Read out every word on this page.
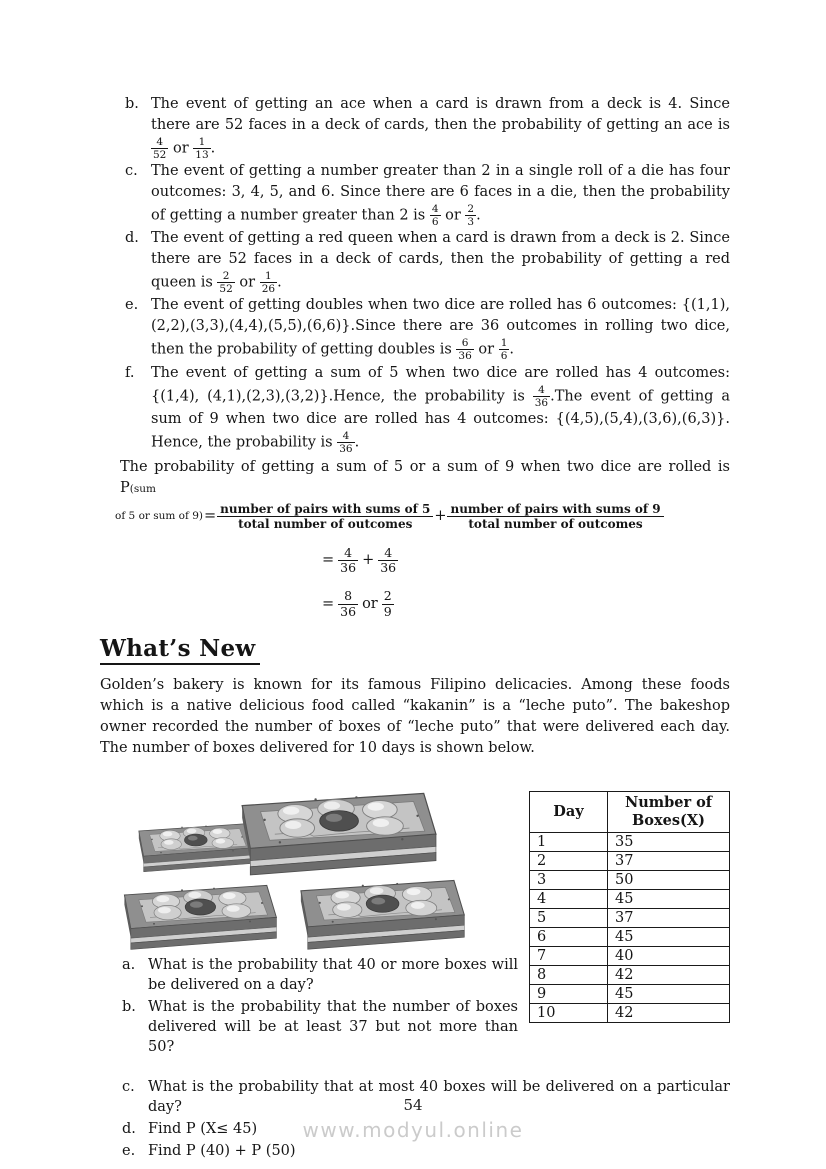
b. The event of getting an ace when a card is drawn from a deck is 4. Since there are 52 faces in a deck of cards, then the probability of getting an ace is
$\frac{4}{52}$ or $\frac{1}{13}$ .
c. The event of getting a number greater than 2 in a single roll of a die has four outcomes: 3, 4, 5, and 6. Since there are 6 faces in a die, then the probability of getting a number greater than 2 is $\frac{4}{6}$ or $\frac{2}{3}$ .
d. The event of getting a red queen when a card is drawn from a deck is 2. Since there are 52 faces in a deck of cards, then the probability of getting a red queen is $\frac{2}{52}$ or $\frac{1}{26}$ .
e. The event of getting doubles when two dice are rolled has 6 outcomes: {(1,1),(2,2),(3,3),(4,4),(5,5),(6,6)}.Since there are 36 outcomes in rolling two dice, then the probability of getting doubles is $\frac{6}{36}$ or $\frac{1}{6}$ .
f.	The event of getting a sum of 5 when two dice are rolled has 4 outcomes: {(1,4), (4,1),(2,3),(3,2)}.Hence, the probability is $\frac{4}{36} .The$ event of getting a sum of 9 when two dice are rolled has 4 outcomes: {(4,5),(5,4),(3,6),(6,3)}. Hence, the probability is $\frac{4}{36}$ .
The probability of getting a sum of 5 or a sum of 9 when two dice are rolled is P(sum
of 5 or sum of $9) = \frac{\text{number of pairs with sums of 5}}{\text{total number of outcomes}} + \frac{\text{number of pairs with sums of 9}}{\text{total number of outcomes}}$
= $\frac{4}{36} + \frac{4}{36}$
= $\frac{8}{36}$ or $\frac{2}{9}$
What’s New

Golden’s bakery is known for its famous Filipino delicacies. Among these foods which is a native delicious food called “kakanin” is a “leche puto”. The bakeshop owner recorded the number of boxes of “leche puto” that were delivered each day. The number of boxes delivered for 10 days is shown below.

a. What is the probability that 40 or more boxes will be delivered on a day?
b. What is the probability that the number of boxes delivered will be at least 37 but not more than 50?
Day	Number of Boxes(X)
1	35
2	37
3	50
4	45
5	37
6	45
7	40
8	42
9	45
10	42
c. What is the probability that at most 40 boxes will be delivered on a particular day?
d. Find P (X≤ 45)
e. Find P (40) + P (50)
54
www.modyul.online
